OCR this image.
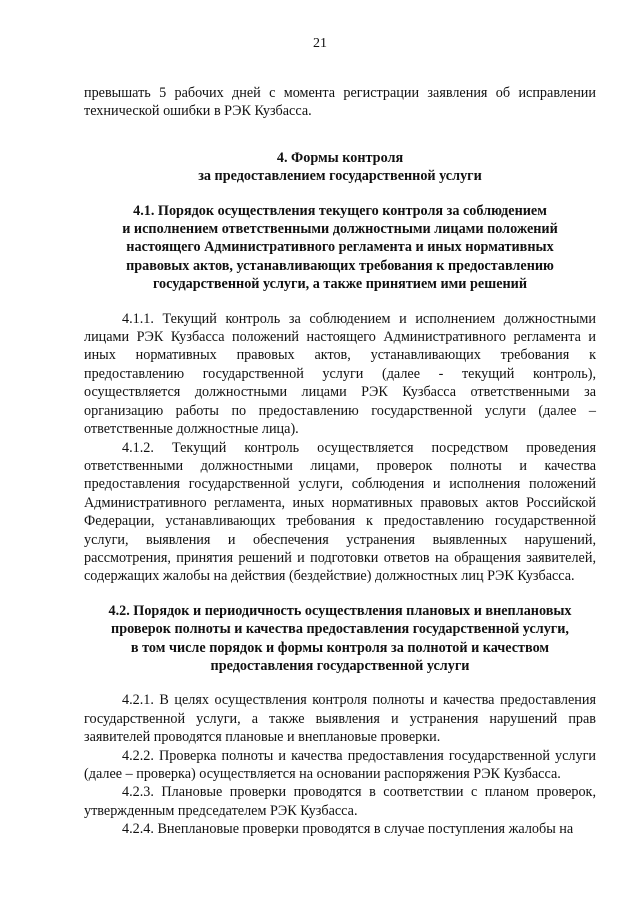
21

превышать 5 рабочих дней с момента регистрации заявления об исправлении технической ошибки в РЭК Кузбасса.

4. Формы контроля

за предоставлением государственной услуги

4.1. Порядок осуществления текущего контроля за соблюдением

и исполнением ответственными должностными лицами положений

настоящего Административного регламента и иных нормативных

правовых актов, устанавливающих требования к предоставлению

государственной услуги, а также принятием ими решений

4.1.1. Текущий контроль за соблюдением и исполнением должностными лицами РЭК Кузбасса положений настоящего Административного регламента и иных нормативных правовых актов, устанавливающих требования к предоставлению государственной услуги (далее - текущий контроль), осуществляется должностными лицами РЭК Кузбасса ответственными за организацию работы по предоставлению государственной услуги (далее – ответственные должностные лица).

4.1.2. Текущий контроль осуществляется посредством проведения ответственными должностными лицами, проверок полноты и качества предоставления государственной услуги, соблюдения и исполнения положений Административного регламента, иных нормативных правовых актов Российской Федерации, устанавливающих требования к предоставлению государственной услуги, выявления и обеспечения устранения выявленных нарушений, рассмотрения, принятия решений и подготовки ответов на обращения заявителей, содержащих жалобы на действия (бездействие) должностных лиц РЭК Кузбасса.

4.2. Порядок и периодичность осуществления плановых и внеплановых

проверок полноты и качества предоставления государственной услуги,

в том числе порядок и формы контроля за полнотой и качеством

предоставления государственной услуги

4.2.1. В целях осуществления контроля полноты и качества предоставления государственной услуги, а также выявления и устранения нарушений прав заявителей проводятся плановые и внеплановые проверки.

4.2.2. Проверка полноты и качества предоставления государственной услуги (далее – проверка) осуществляется на основании распоряжения РЭК Кузбасса.

4.2.3. Плановые проверки проводятся в соответствии с планом проверок, утвержденным председателем РЭК Кузбасса.

4.2.4. Внеплановые проверки проводятся в случае поступления жалобы на
